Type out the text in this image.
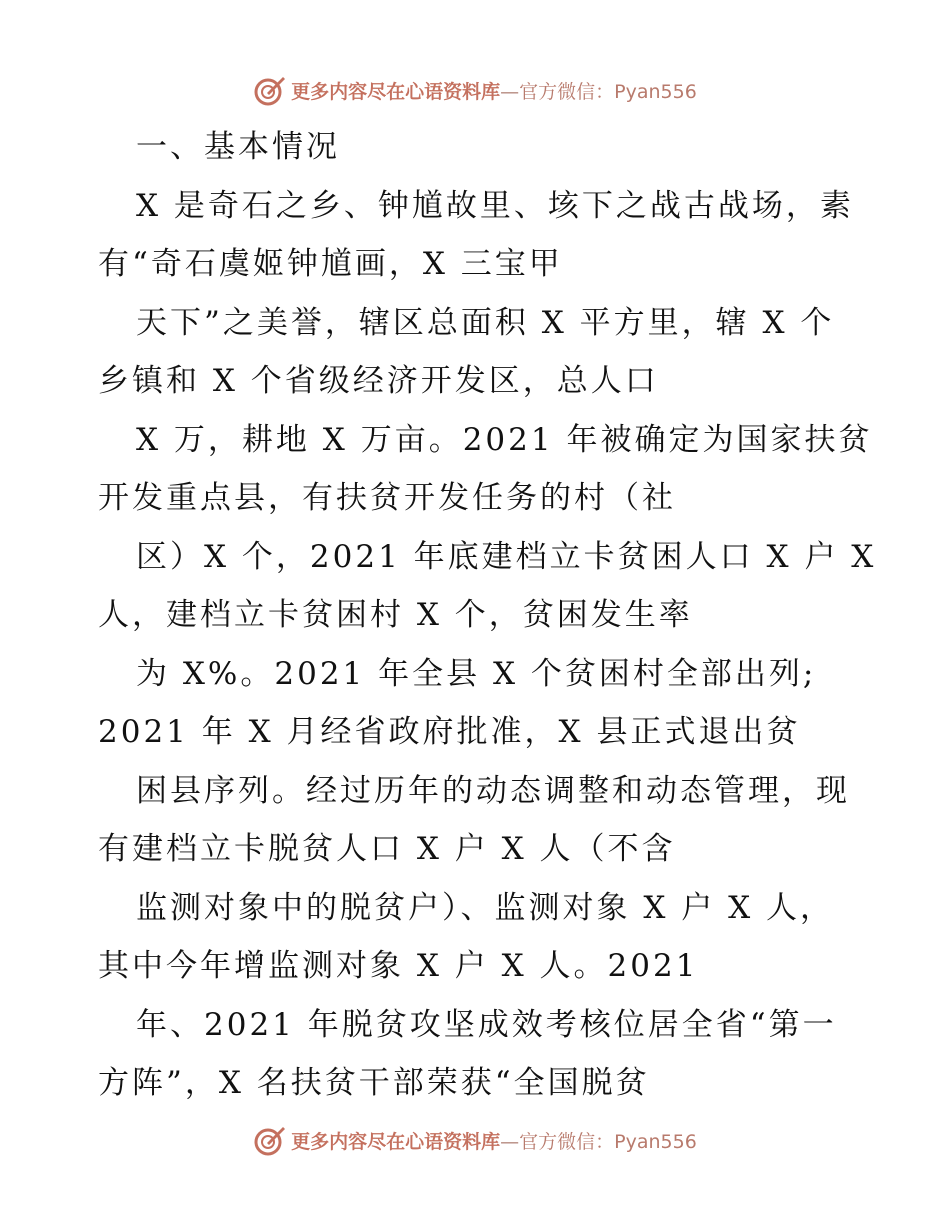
更多内容尽在心语资料库—官方微信：Pyan556
一、基本情况
X 是奇石之乡、钟馗故里、垓下之战古战场，素
有“奇石虞姬钟馗画，X 三宝甲
天下”之美誉，辖区总面积 X 平方里，辖 X 个
乡镇和 X 个省级经济开发区，总人口
X 万，耕地 X 万亩。2021 年被确定为国家扶贫
开发重点县，有扶贫开发任务的村（社
区）X 个，2021 年底建档立卡贫困人口 X 户 X
人，建档立卡贫困村 X 个，贫困发生率
为 X%。2021 年全县 X 个贫困村全部出列;
2021 年 X 月经省政府批准，X 县正式退出贫
困县序列。经过历年的动态调整和动态管理，现
有建档立卡脱贫人口 X 户 X 人（不含
监测对象中的脱贫户）、监测对象 X 户 X 人，
其中今年增监测对象 X 户 X 人。2021
年、2021 年脱贫攻坚成效考核位居全省“第一
方阵”，X 名扶贫干部荣获“全国脱贫
更多内容尽在心语资料库—官方微信：Pyan556
